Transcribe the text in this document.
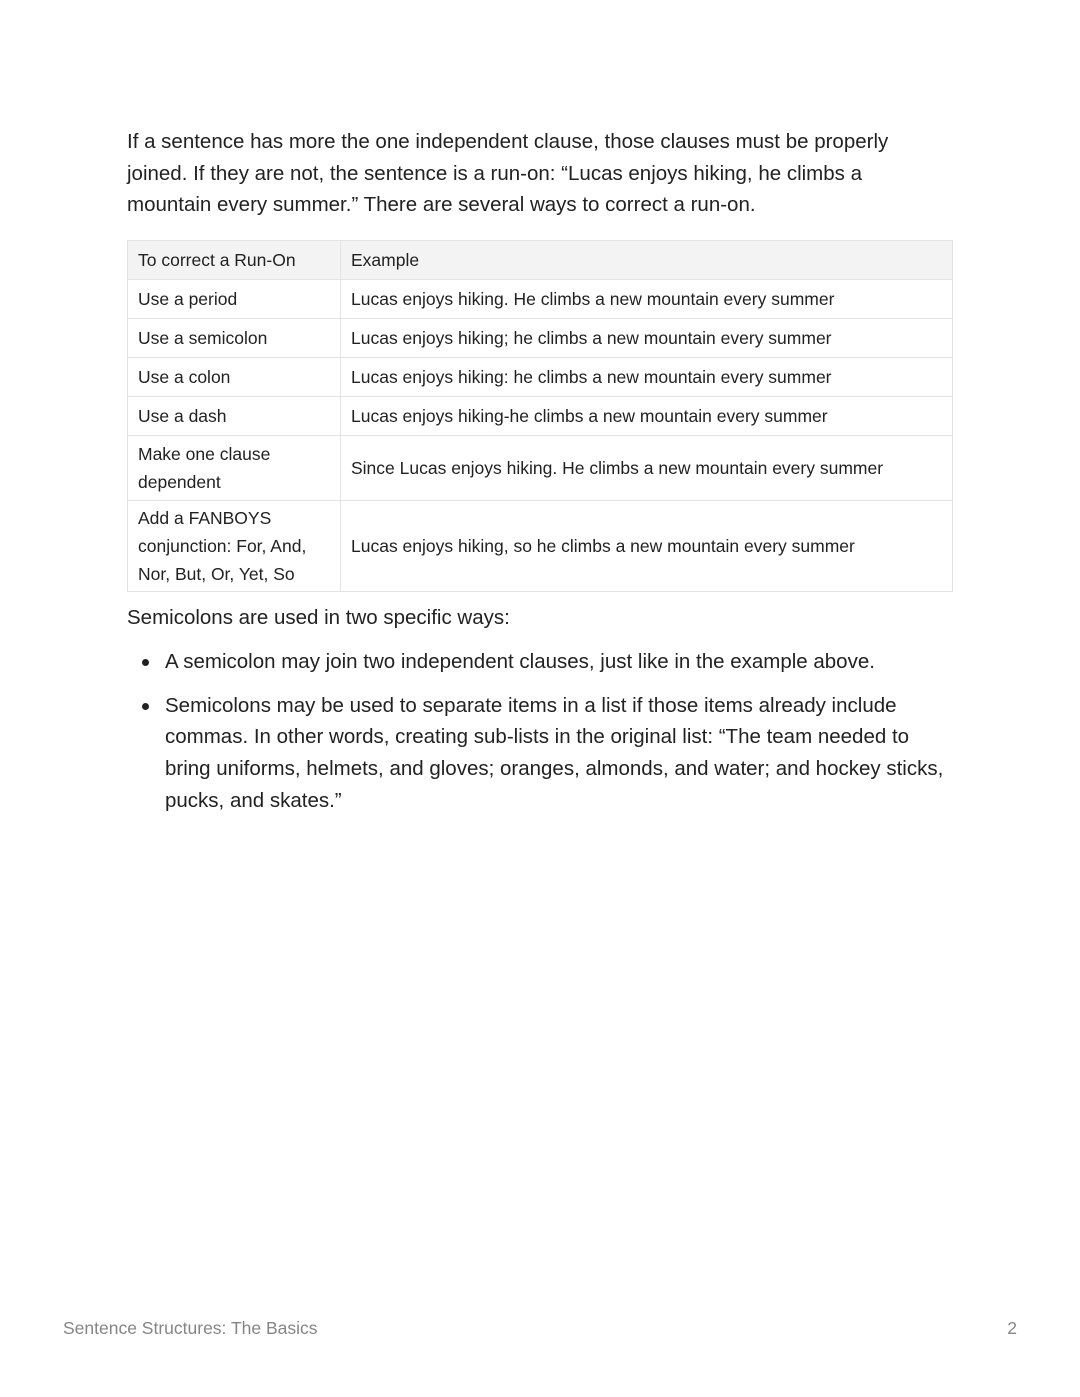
If a sentence has more the one independent clause, those clauses must be properly joined. If they are not, the sentence is a run-on: “Lucas enjoys hiking, he climbs a mountain every summer.” There are several ways to correct a run-on.

To correct a Run-On	Example
Use a period	Lucas enjoys hiking. He climbs a new mountain every summer
Use a semicolon	Lucas enjoys hiking; he climbs a new mountain every summer
Use a colon	Lucas enjoys hiking: he climbs a new mountain every summer
Use a dash	Lucas enjoys hiking-he climbs a new mountain every summer
Make one clause dependent	Since Lucas enjoys hiking. He climbs a new mountain every summer
Add a FANBOYS conjunction: For, And, Nor, But, Or, Yet, So	Lucas enjoys hiking, so he climbs a new mountain every summer

Semicolons are used in two specific ways:

A semicolon may join two independent clauses, just like in the example above.
Semicolons may be used to separate items in a list if those items already include commas. In other words, creating sub-lists in the original list: “The team needed to bring uniforms, helmets, and gloves; oranges, almonds, and water; and hockey sticks, pucks, and skates.”
Sentence Structures: The Basics	2
